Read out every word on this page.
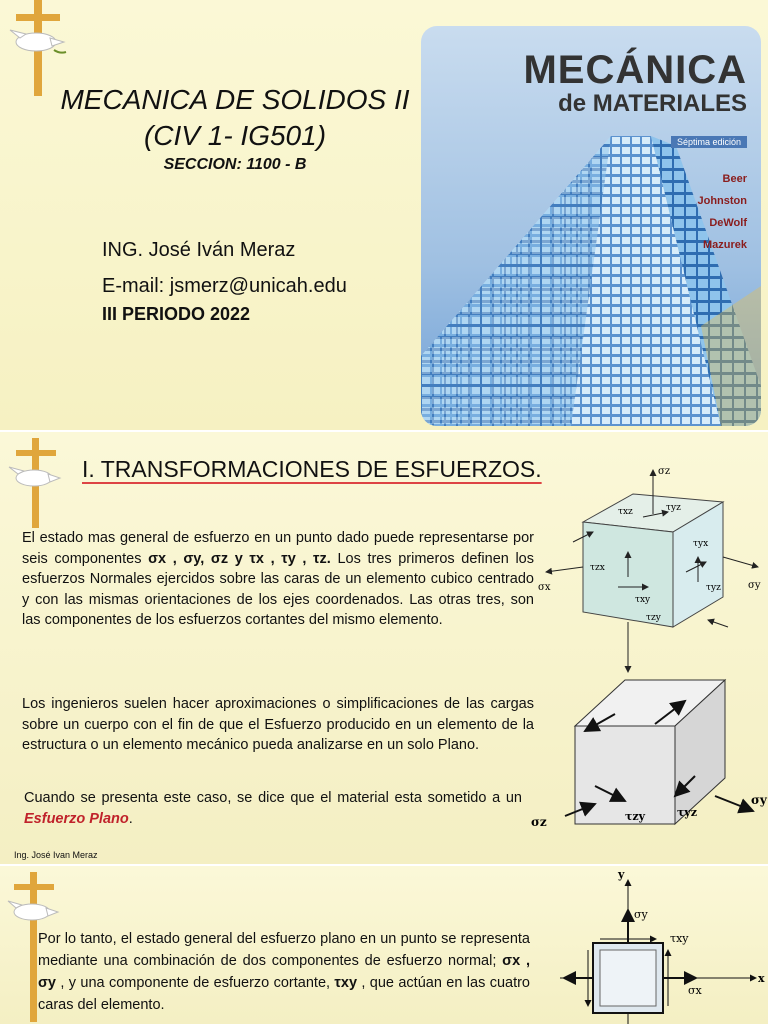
MECANICA DE SOLIDOS II
(CIV 1- IG501)
SECCION: 1100 - B
ING. José Iván Meraz
E-mail: jsmerz@unicah.edu
III PERIODO 2022
MECÁNICA
de MATERIALES
Séptima edición
Beer
Johnston
DeWolf
Mazurek
I. TRANSFORMACIONES DE ESFUERZOS.
El estado mas general de esfuerzo en un punto dado puede representarse por seis componentes σx , σy, σz y τx , τy , τz. Los tres primeros definen los esfuerzos Normales ejercidos sobre las caras de un elemento cubico centrado y con las mismas orientaciones de los ejes coordenados. Las otras tres, son las componentes de los esfuerzos cortantes del mismo elemento.
Los ingenieros suelen hacer aproximaciones o simplificaciones de las cargas sobre un cuerpo con el fin de que el Esfuerzo producido en un elemento de la estructura o un elemento mecánico pueda analizarse en un solo Plano.
Cuando se presenta este caso, se dice que el material esta sometido a un Esfuerzo Plano.
Ing. José Ivan Meraz
σz
σx	σy
τxz	τyz
τzx
τxy
τzy
τyx
τyz
σz
σy
τzy	τyz
Por lo tanto, el estado general del esfuerzo plano en un punto se representa mediante una combinación de dos componentes de esfuerzo normal; σx , σy , y una componente de esfuerzo cortante, τxy , que actúan en las cuatro caras del elemento.
y
x
σy
τxy
σx
